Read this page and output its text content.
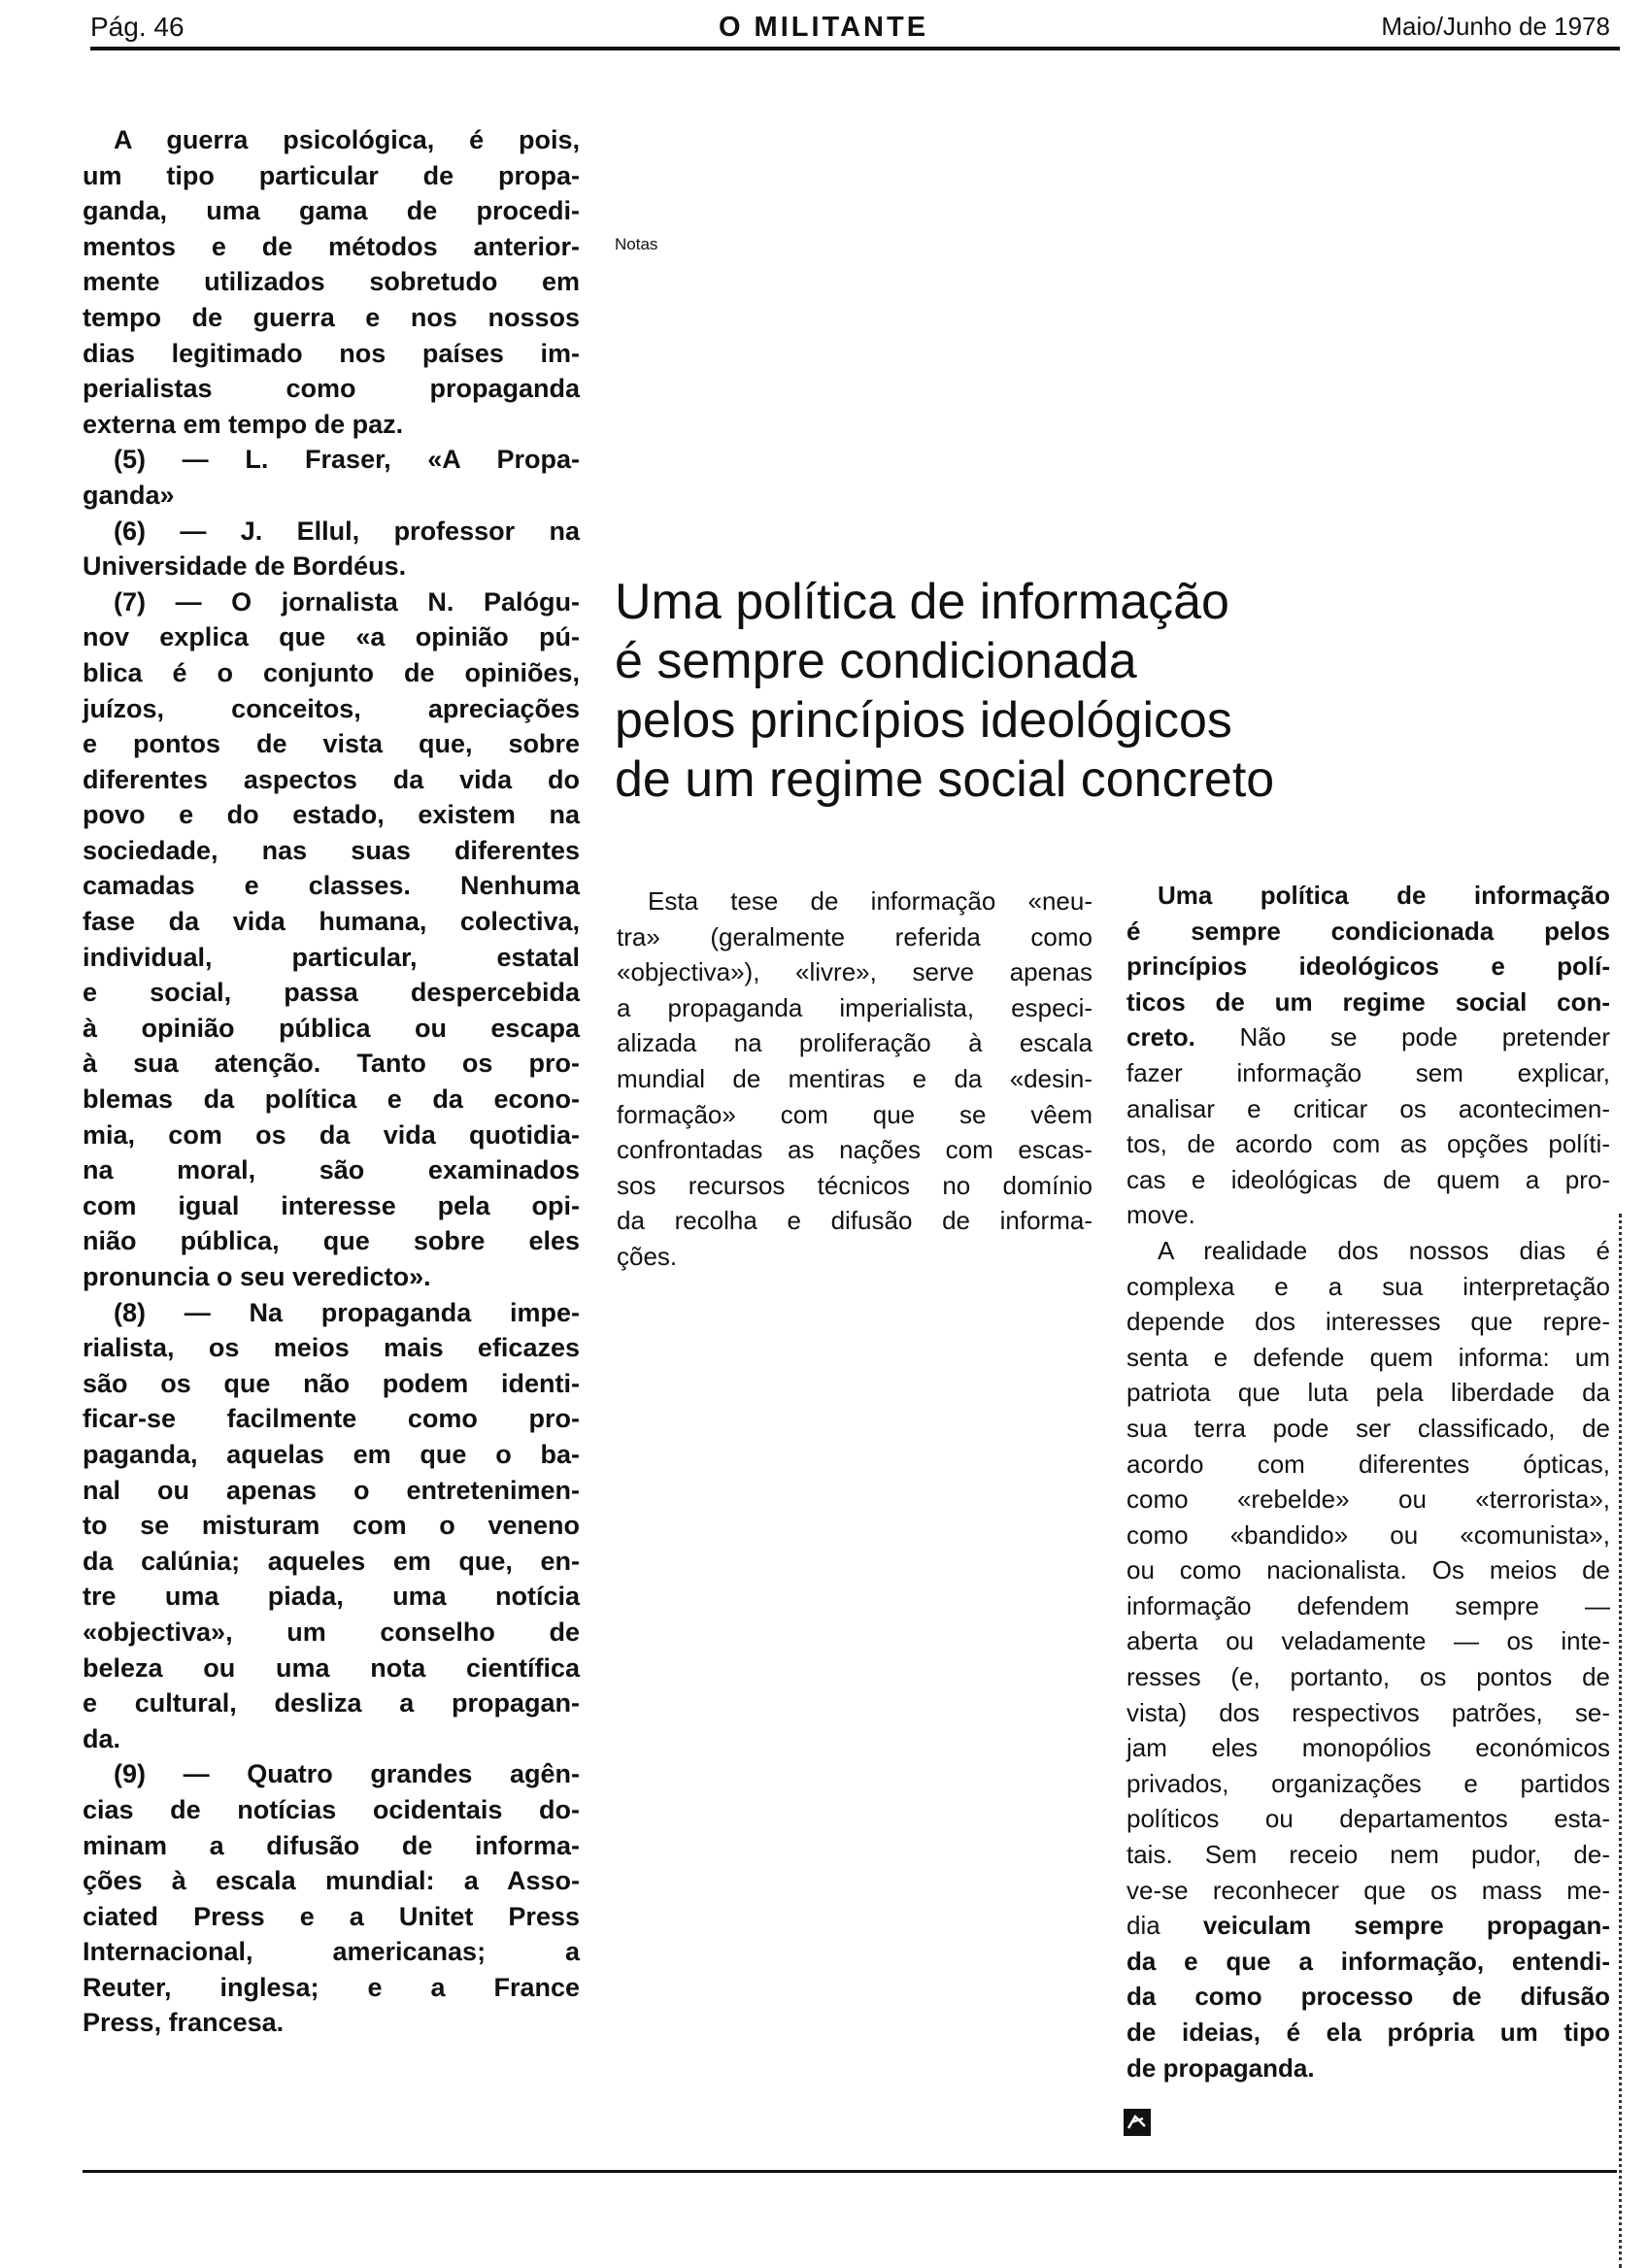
Pág. 46	O MILITANTE	Maio/Junho de 1978
Notas
Uma política de informação
é sempre condicionada
pelos princípios ideológicos
de um regime social concreto
A guerra psicológica, é pois,
um tipo particular de propa-
ganda, uma gama de procedi-
mentos e de métodos anterior-
mente utilizados sobretudo em
tempo de guerra e nos nossos
dias legitimado nos países im-
perialistas como propaganda
externa em tempo de paz.
(5) — L. Fraser, «A Propa-
ganda»
(6) — J. Ellul, professor na
Universidade de Bordéus.
(7) — O jornalista N. Palógu-
nov explica que «a opinião pú-
blica é o conjunto de opiniões,
juízos, conceitos, apreciações
e pontos de vista que, sobre
diferentes aspectos da vida do
povo e do estado, existem na
sociedade, nas suas diferentes
camadas e classes. Nenhuma
fase da vida humana, colectiva,
individual, particular, estatal
e social, passa despercebida
à opinião pública ou escapa
à sua atenção. Tanto os pro-
blemas da política e da econo-
mia, com os da vida quotidia-
na moral, são examinados
com igual interesse pela opi-
nião pública, que sobre eles
pronuncia o seu veredicto».
(8) — Na propaganda impe-
rialista, os meios mais eficazes
são os que não podem identi-
ficar-se facilmente como pro-
paganda, aquelas em que o ba-
nal ou apenas o entretenimen-
to se misturam com o veneno
da calúnia; aqueles em que, en-
tre uma piada, uma notícia
«objectiva», um conselho de
beleza ou uma nota científica
e cultural, desliza a propagan-
da.
(9) — Quatro grandes agên-
cias de notícias ocidentais do-
minam a difusão de informa-
ções à escala mundial: a Asso-
ciated Press e a Unitet Press
Internacional, americanas; a
Reuter, inglesa; e a France
Press, francesa.
Esta tese de informação «neu-
tra» (geralmente referida como
«objectiva»), «livre», serve apenas
a propaganda imperialista, especi-
alizada na proliferação à escala
mundial de mentiras e da «desin-
formação» com que se vêem
confrontadas as nações com escas-
sos recursos técnicos no domínio
da recolha e difusão de informa-
ções.
Uma política de informação
é sempre condicionada pelos
princípios ideológicos e polí-
ticos de um regime social con-
creto. Não se pode pretender
fazer informação sem explicar,
analisar e criticar os acontecimen-
tos, de acordo com as opções políti-
cas e ideológicas de quem a pro-
move.
A realidade dos nossos dias é
complexa e a sua interpretação
depende dos interesses que repre-
senta e defende quem informa: um
patriota que luta pela liberdade da
sua terra pode ser classificado, de
acordo com diferentes ópticas,
como «rebelde» ou «terrorista»,
como «bandido» ou «comunista»,
ou como nacionalista. Os meios de
informação defendem sempre —
aberta ou veladamente — os inte-
resses (e, portanto, os pontos de
vista) dos respectivos patrões, se-
jam eles monopólios económicos
privados, organizações e partidos
políticos ou departamentos esta-
tais. Sem receio nem pudor, de-
ve-se reconhecer que os mass me-
dia veiculam sempre propagan-
da e que a informação, entendi-
da como processo de difusão
de ideias, é ela própria um tipo
de propaganda.
